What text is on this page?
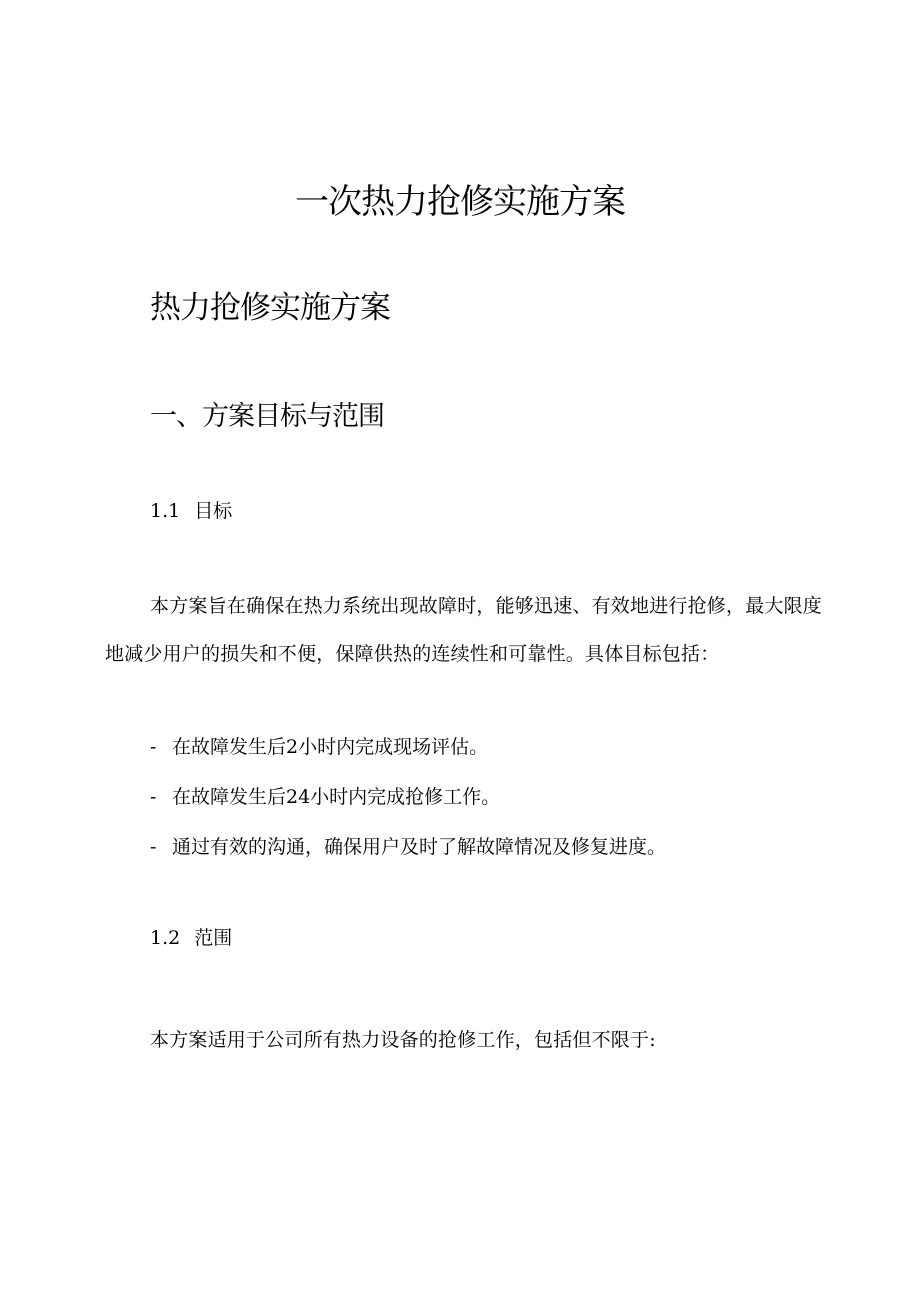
一次热力抢修实施方案
热力抢修实施方案
一、方案目标与范围
1.1 目标

本方案旨在确保在热力系统出现故障时，能够迅速、有效地进行抢修，最大限度地减少用户的损失和不便，保障供热的连续性和可靠性。具体目标包括：

- 在故障发生后2小时内完成现场评估。
- 在故障发生后24小时内完成抢修工作。
- 通过有效的沟通，确保用户及时了解故障情况及修复进度。
1.2 范围

本方案适用于公司所有热力设备的抢修工作，包括但不限于:
